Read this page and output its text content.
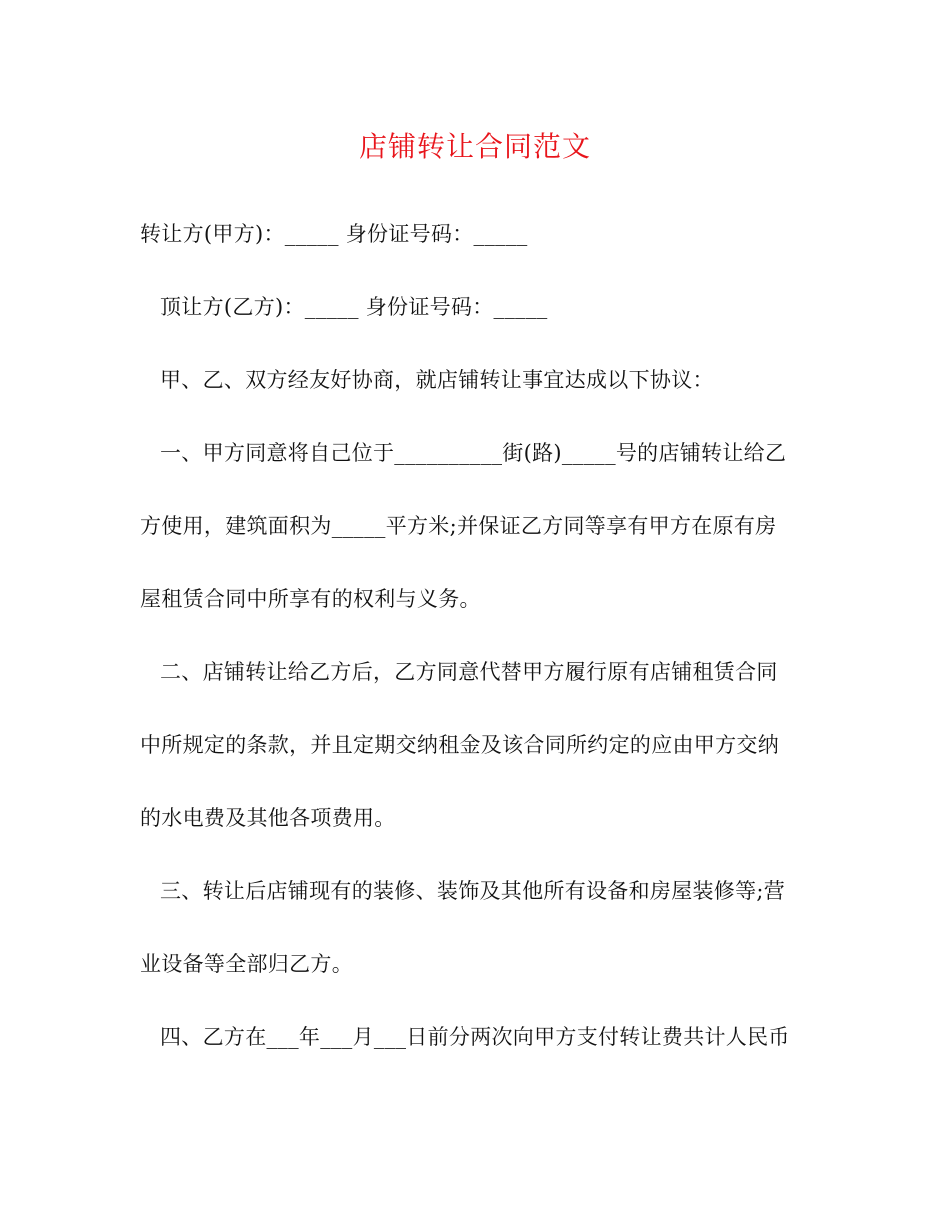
店铺转让合同范文
转让方(甲方)：_____ 身份证号码：_____
顶让方(乙方)：_____ 身份证号码：_____
甲、乙、双方经友好协商，就店铺转让事宜达成以下协议：
一、甲方同意将自己位于__________街(路)_____号的店铺转让给乙
方使用，建筑面积为_____平方米;并保证乙方同等享有甲方在原有房
屋租赁合同中所享有的权利与义务。
二、店铺转让给乙方后，乙方同意代替甲方履行原有店铺租赁合同
中所规定的条款，并且定期交纳租金及该合同所约定的应由甲方交纳
的水电费及其他各项费用。
三、转让后店铺现有的装修、装饰及其他所有设备和房屋装修等;营
业设备等全部归乙方。
四、乙方在___年___月___日前分两次向甲方支付转让费共计人民币
